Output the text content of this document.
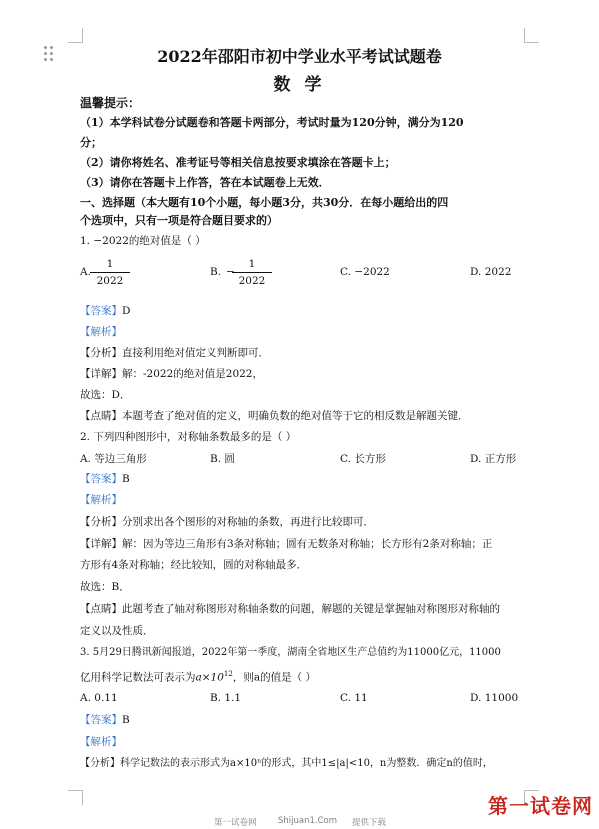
2022年邵阳市初中学业水平考试试题卷
数 学
温馨提示：
（1）本学科试卷分试题卷和答题卡两部分，考试时量为120分钟，满分为120
分；
（2）请你将姓名、准考证号等相关信息按要求填涂在答题卡上；
（3）请你在答题卡上作答，答在本试题卷上无效．
一、选择题（本大题有10个小题，每小题3分，共30分．在每小题给出的四
个选项中，只有一项是符合题目要求的）
1. −2022的绝对值是（ ）
A.
1
2022
B. −
1
2022
C. −2022	D. 2022
【答案】D
【解析】
【分析】直接利用绝对值定义判断即可．
【详解】解：-2022的绝对值是2022，
故选：D．
【点睛】本题考查了绝对值的定义，明确负数的绝对值等于它的相反数是解题关键．
2. 下列四种图形中，对称轴条数最多的是（ ）
A. 等边三角形	B. 圆	C. 长方形	D. 正方形
【答案】B
【解析】
【分析】分别求出各个图形的对称轴的条数，再进行比较即可．
【详解】解：因为等边三角形有3条对称轴；圆有无数条对称轴；长方形有2条对称轴；正
方形有4条对称轴；经比较知，圆的对称轴最多．
故选：B．
【点睛】此题考查了轴对称图形对称轴条数的问题，解题的关键是掌握轴对称图形对称轴的
定义以及性质．
3. 5月29日腾讯新闻报道，2022年第一季度，湖南全省地区生产总值约为11000亿元，11000
亿用科学记数法可表示为$a\times 10^{12}$，则a的值是（ ）
A. 0.11	B. 1.1	C. 11	D. 11000
【答案】B
【解析】
【分析】科学记数法的表示形式为a×10ⁿ的形式，其中1≤|a|<10，n为整数．确定n的值时，
第一试卷网	Shijuan1.Com 提供下载
第一试卷网
